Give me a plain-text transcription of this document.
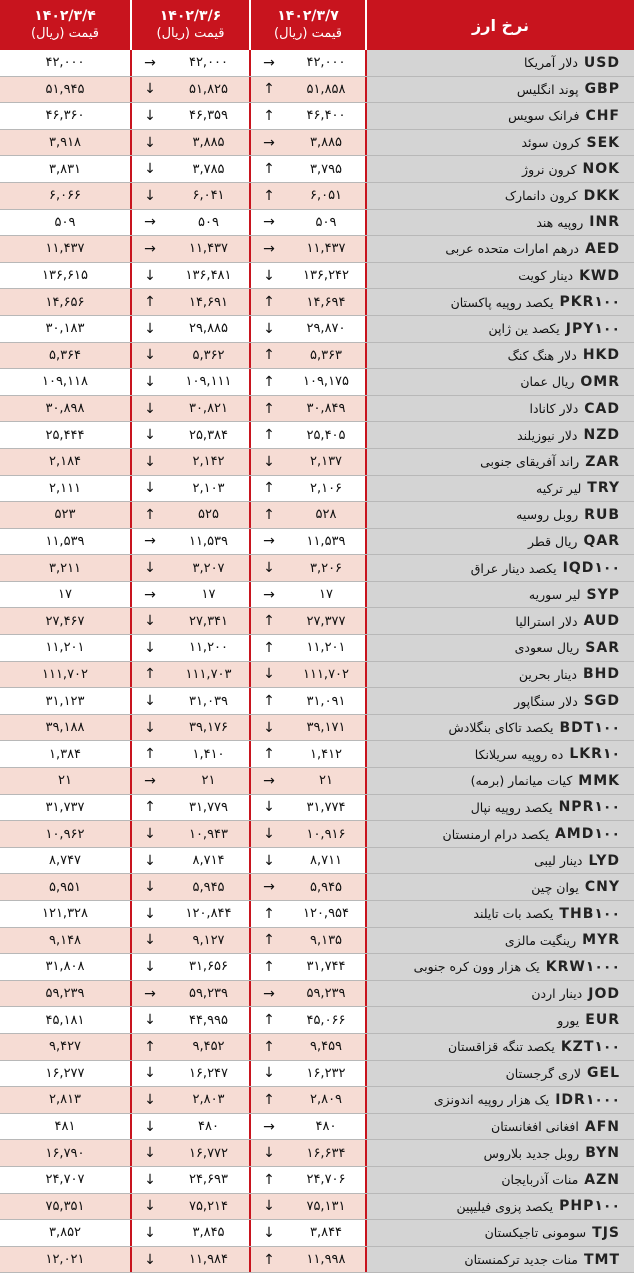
۱۴۰۲/۳/۴
قیمت (ریال)
۱۴۰۲/۳/۶
قیمت (ریال)
۱۴۰۲/۳/۷
قیمت (ریال)	نرخ ارز
۴۲,۰۰۰	→	۴۲,۰۰۰	→	۴۲,۰۰۰	دلار آمریکا USD
۵۱,۹۴۵	↓	۵۱,۸۲۵	↑	۵۱,۸۵۸	پوند انگلیس GBP
۴۶,۳۶۰	↓	۴۶,۳۵۹	↑	۴۶,۴۰۰	فرانک سویس CHF
۳,۹۱۸	↓	۳,۸۸۵	→	۳,۸۸۵	کرون سوئد SEK
۳,۸۳۱	↓	۳,۷۸۵	↑	۳,۷۹۵	کرون نروژ NOK
۶,۰۶۶	↓	۶,۰۴۱	↑	۶,۰۵۱	کرون دانمارک DKK
۵۰۹	→	۵۰۹	→	۵۰۹	روپیه هند INR
۱۱,۴۳۷	→	۱۱,۴۳۷	→	۱۱,۴۳۷	درهم امارات متحده عربی AED
۱۳۶,۶۱۵	↓	۱۳۶,۴۸۱	↓	۱۳۶,۲۴۲	دینار کویت KWD
۱۴,۶۵۶	↑	۱۴,۶۹۱	↑	۱۴,۶۹۴	یکصد روپیه پاکستان PKR۱۰۰
۳۰,۱۸۳	↓	۲۹,۸۸۵	↓	۲۹,۸۷۰	یکصد ین ژاپن JPY۱۰۰
۵,۳۶۴	↓	۵,۳۶۲	↑	۵,۳۶۳	دلار هنگ کنگ HKD
۱۰۹,۱۱۸	↓	۱۰۹,۱۱۱	↑	۱۰۹,۱۷۵	ریال عمان OMR
۳۰,۸۹۸	↓	۳۰,۸۲۱	↑	۳۰,۸۴۹	دلار کانادا CAD
۲۵,۴۴۴	↓	۲۵,۳۸۴	↑	۲۵,۴۰۵	دلار نیوزیلند NZD
۲,۱۸۴	↓	۲,۱۴۲	↓	۲,۱۳۷	راند آفریقای جنوبی ZAR
۲,۱۱۱	↓	۲,۱۰۳	↑	۲,۱۰۶	لیر ترکیه TRY
۵۲۳	↑	۵۲۵	↑	۵۲۸	روبل روسیه RUB
۱۱,۵۳۹	→	۱۱,۵۳۹	→	۱۱,۵۳۹	ریال قطر QAR
۳,۲۱۱	↓	۳,۲۰۷	↓	۳,۲۰۶	یکصد دینار عراق IQD۱۰۰
۱۷	→	۱۷	→	۱۷	لیر سوریه SYP
۲۷,۴۶۷	↓	۲۷,۳۴۱	↑	۲۷,۳۷۷	دلار استرالیا AUD
۱۱,۲۰۱	↓	۱۱,۲۰۰	↑	۱۱,۲۰۱	ریال سعودی SAR
۱۱۱,۷۰۲	↑	۱۱۱,۷۰۳	↓	۱۱۱,۷۰۲	دینار بحرین BHD
۳۱,۱۲۳	↓	۳۱,۰۳۹	↑	۳۱,۰۹۱	دلار سنگاپور SGD
۳۹,۱۸۸	↓	۳۹,۱۷۶	↓	۳۹,۱۷۱	یکصد تاکای بنگلادش BDT۱۰۰
۱,۳۸۴	↑	۱,۴۱۰	↑	۱,۴۱۲	ده روپیه سریلانکا LKR۱۰
۲۱	→	۲۱	→	۲۱	کیات میانمار (برمه) MMK
۳۱,۷۳۷	↑	۳۱,۷۷۹	↓	۳۱,۷۷۴	یکصد روپیه نپال NPR۱۰۰
۱۰,۹۶۲	↓	۱۰,۹۴۳	↓	۱۰,۹۱۶	یکصد درام ارمنستان AMD۱۰۰
۸,۷۴۷	↓	۸,۷۱۴	↓	۸,۷۱۱	دینار لیبی LYD
۵,۹۵۱	↓	۵,۹۴۵	→	۵,۹۴۵	یوان چین CNY
۱۲۱,۳۲۸	↓	۱۲۰,۸۴۴	↑	۱۲۰,۹۵۴	یکصد بات تایلند THB۱۰۰
۹,۱۴۸	↓	۹,۱۲۷	↑	۹,۱۳۵	رینگیت مالزی MYR
۳۱,۸۰۸	↓	۳۱,۶۵۶	↑	۳۱,۷۴۴	یک هزار وون کره جنوبی KRW۱۰۰۰
۵۹,۲۳۹	→	۵۹,۲۳۹	→	۵۹,۲۳۹	دینار اردن JOD
۴۵,۱۸۱	↓	۴۴,۹۹۵	↑	۴۵,۰۶۶	یورو EUR
۹,۴۲۷	↑	۹,۴۵۲	↑	۹,۴۵۹	یکصد تنگه قزاقستان KZT۱۰۰
۱۶,۲۷۷	↓	۱۶,۲۴۷	↓	۱۶,۲۳۲	لاری گرجستان GEL
۲,۸۱۳	↓	۲,۸۰۳	↑	۲,۸۰۹	یک هزار روپیه اندونزی IDR۱۰۰۰
۴۸۱	↓	۴۸۰	→	۴۸۰	افغانی افغانستان AFN
۱۶,۷۹۰	↓	۱۶,۷۷۲	↓	۱۶,۶۳۴	روبل جدید بلاروس BYN
۲۴,۷۰۷	↓	۲۴,۶۹۳	↑	۲۴,۷۰۶	منات آذربایجان AZN
۷۵,۳۵۱	↓	۷۵,۲۱۴	↓	۷۵,۱۳۱	یکصد پزوی فیلیپین PHP۱۰۰
۳,۸۵۲	↓	۳,۸۴۵	↓	۳,۸۴۴	سومونی تاجیکستان TJS
۱۲,۰۲۱	↓	۱۱,۹۸۴	↑	۱۱,۹۹۸	منات جدید ترکمنستان TMT
